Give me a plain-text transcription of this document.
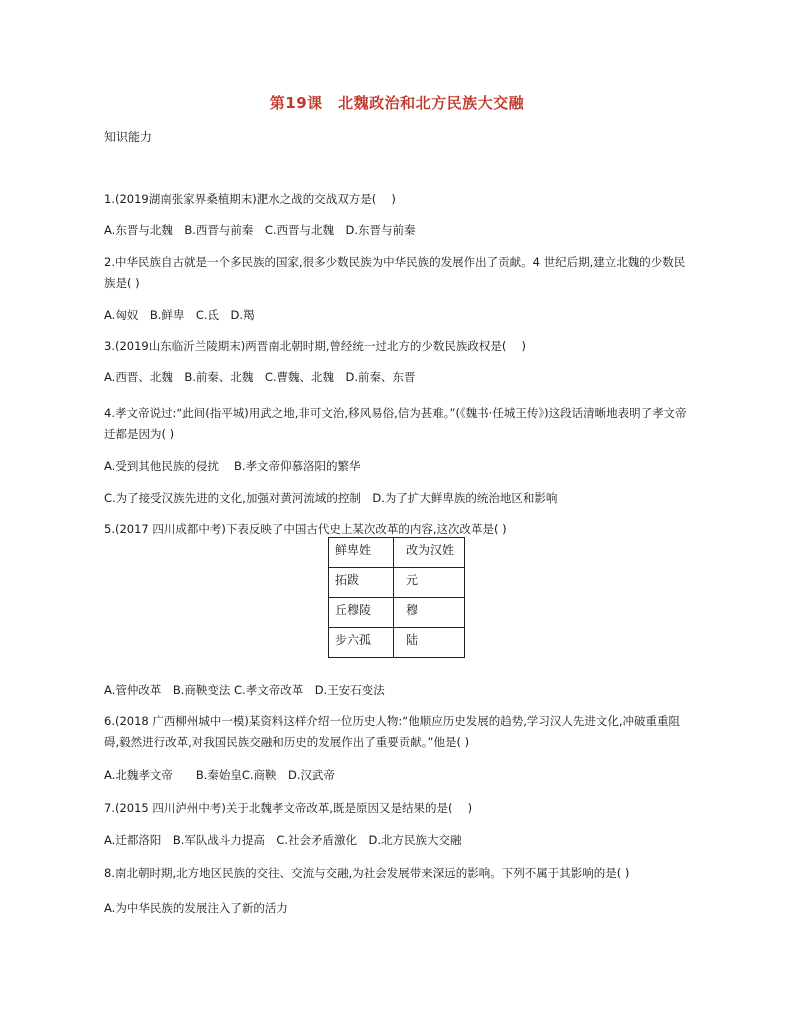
第19课　北魏政治和北方民族大交融
知识能力
1.(2019湖南张家界桑植期末)淝水之战的交战双方是(　 )
A.东晋与北魏　B.西晋与前秦　C.西晋与北魏　D.东晋与前秦
2.中华民族自古就是一个多民族的国家,很多少数民族为中华民族的发展作出了贡献。4 世纪后期,建立北魏的少数民族是( )
A.匈奴　B.鲜卑　C.氐　D.羯
3.(2019山东临沂兰陵期末)两晋南北朝时期,曾经统一过北方的少数民族政权是(　 )
A.西晋、北魏　B.前秦、北魏　C.曹魏、北魏　D.前秦、东晋
4.孝文帝说过:“此间(指平城)用武之地,非可文治,移风易俗,信为甚难。”(《魏书·任城王传》)这段话清晰地表明了孝文帝迁都是因为( )
A.受到其他民族的侵扰　 B.孝文帝仰慕洛阳的繁华
C.为了接受汉族先进的文化,加强对黄河流域的控制　D.为了扩大鲜卑族的统治地区和影响
5.(2017 四川成都中考)下表反映了中国古代史上某次改革的内容,这次改革是( )
鲜卑姓	改为汉姓
拓跋	元
丘穆陵	穆
步六孤	陆
A.管仲改革　B.商鞅变法 C.孝文帝改革　D.王安石变法
6.(2018 广西柳州城中一模)某资料这样介绍一位历史人物:“他顺应历史发展的趋势,学习汉人先进文化,冲破重重阻碍,毅然进行改革,对我国民族交融和历史的发展作出了重要贡献。”他是( )
A.北魏孝文帝　　B.秦始皇C.商鞅　D.汉武帝
7.(2015 四川泸州中考)关于北魏孝文帝改革,既是原因又是结果的是(　 )
A.迁都洛阳　B.军队战斗力提高　C.社会矛盾激化　D.北方民族大交融
8.南北朝时期,北方地区民族的交往、交流与交融,为社会发展带来深远的影响。下列不属于其影响的是( )
A.为中华民族的发展注入了新的活力
